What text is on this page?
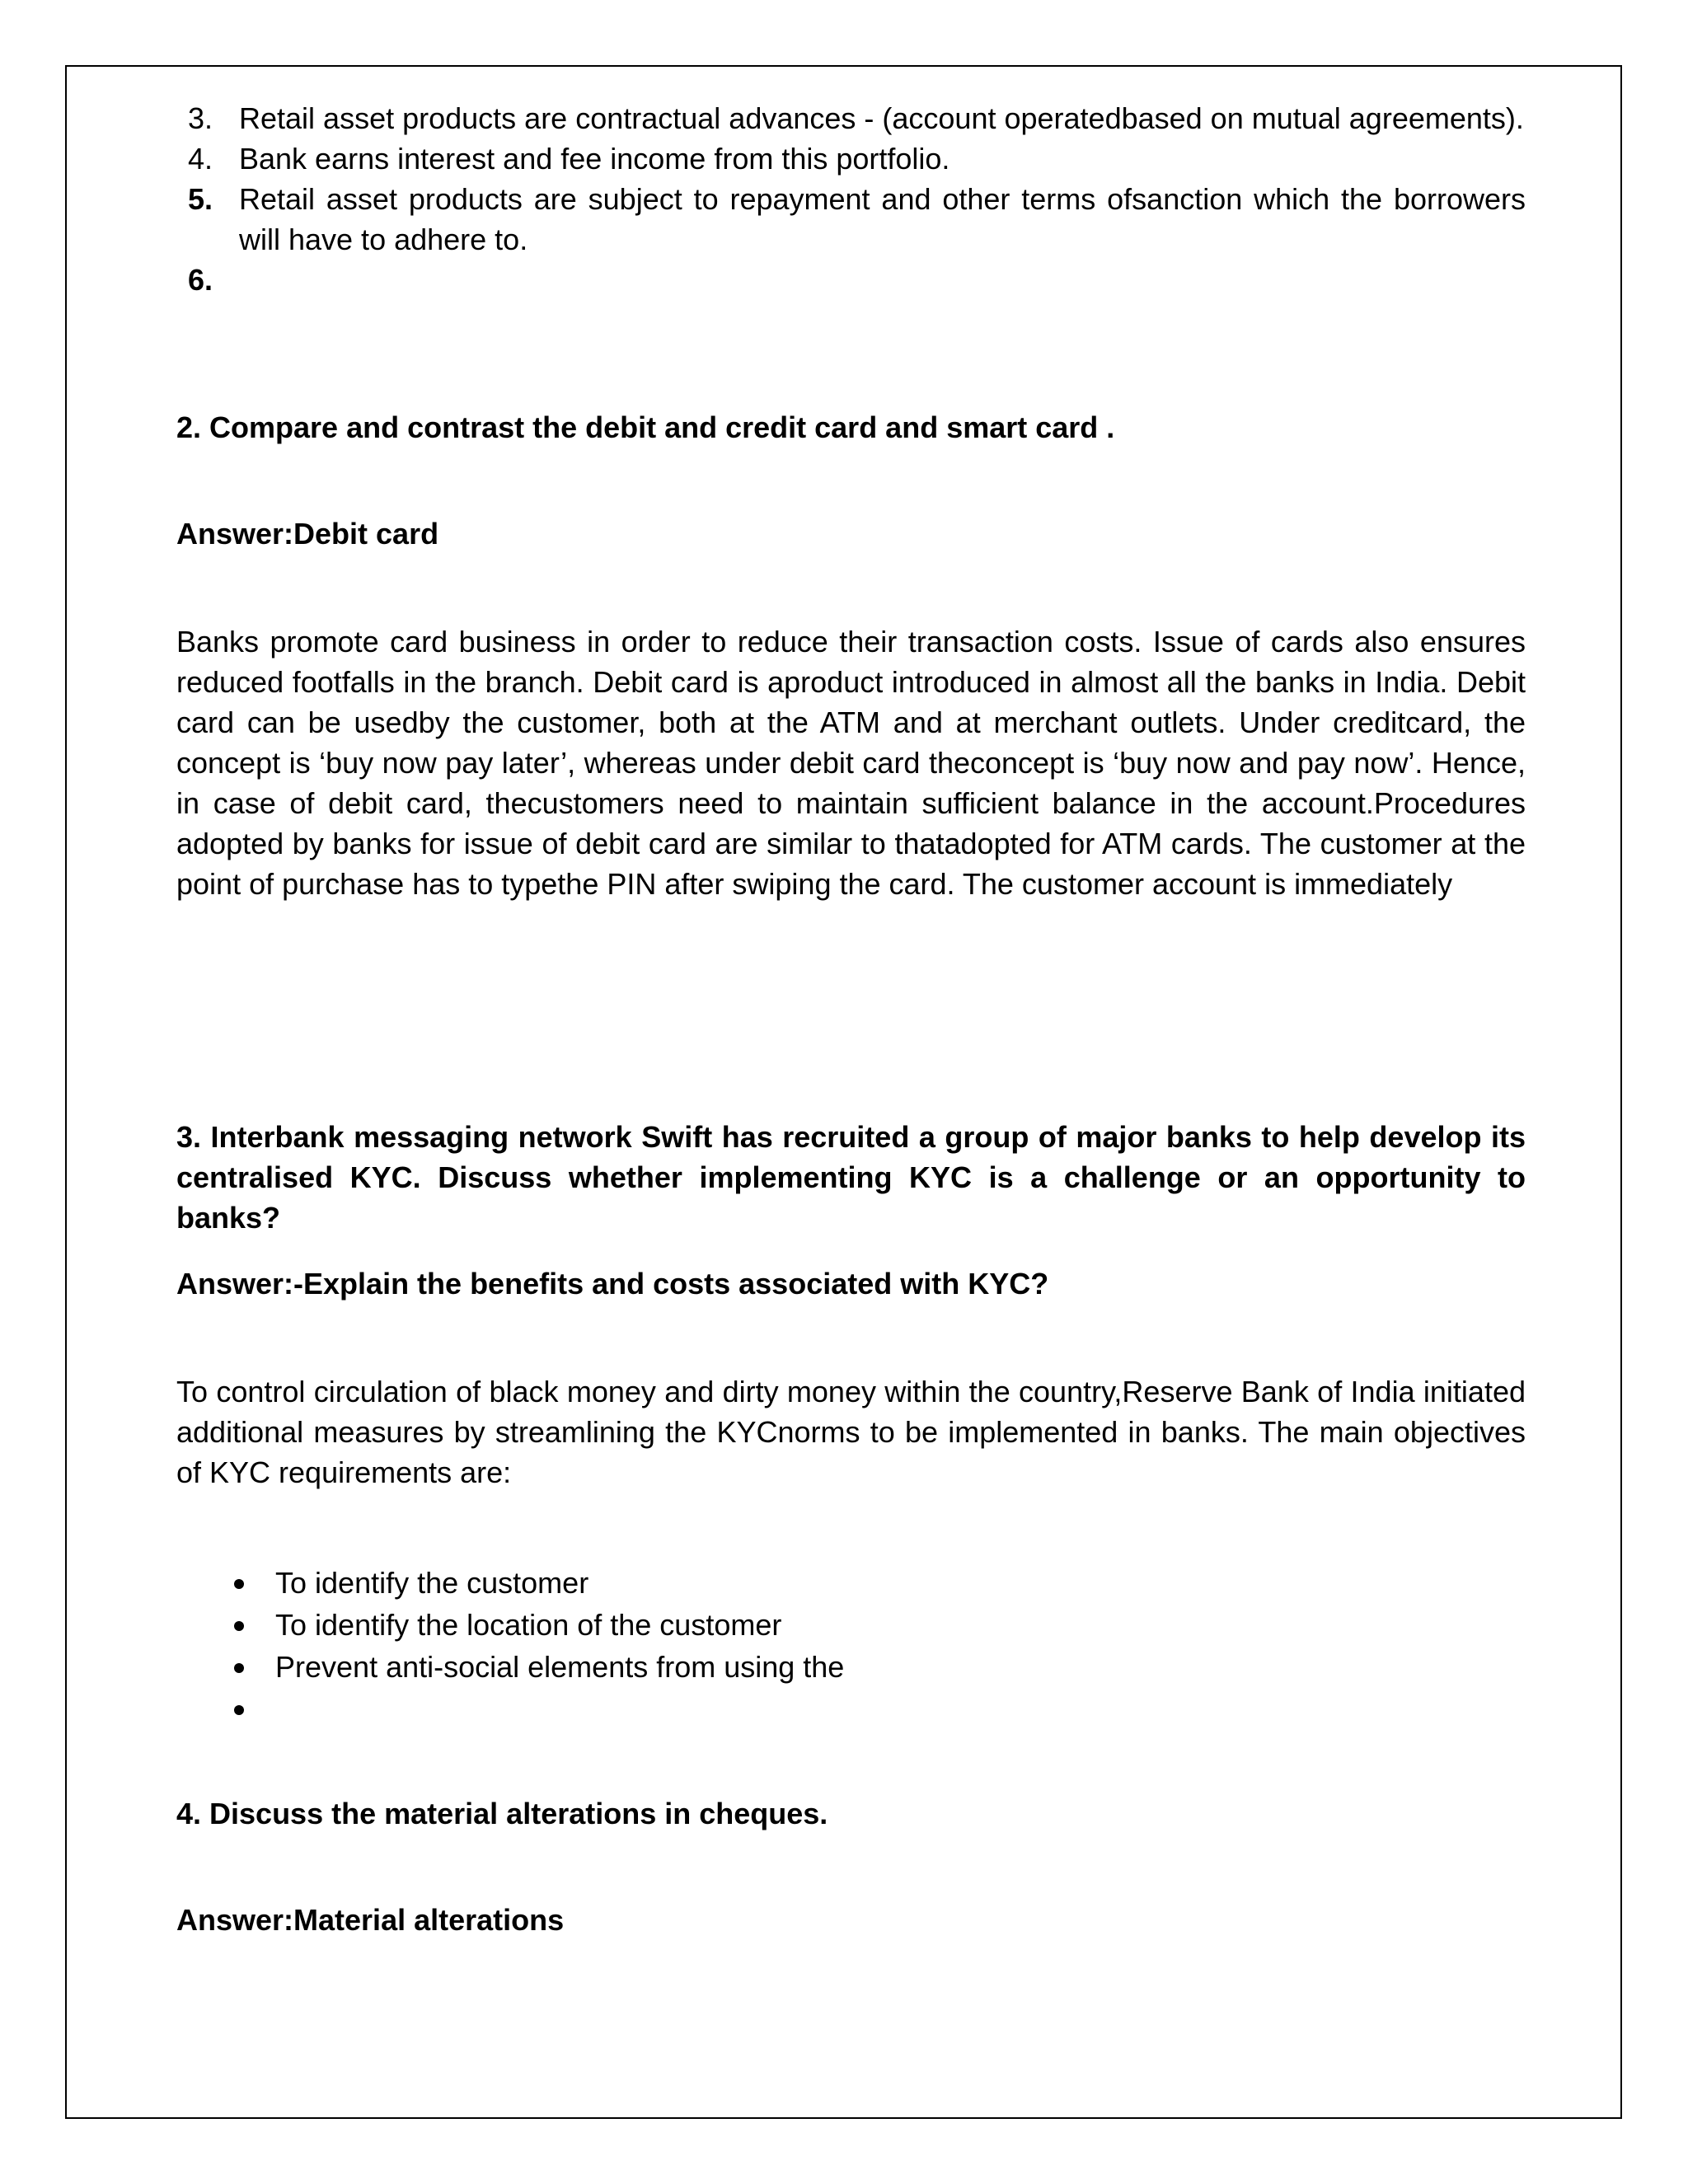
3. Retail asset products are contractual advances - (account operatedbased on mutual agreements).
4. Bank earns interest and fee income from this portfolio.
5. Retail asset products are subject to repayment and other terms ofsanction which the borrowers will have to adhere to.
6.
2. Compare and contrast the debit and credit card and smart card .
Answer:Debit card
Banks promote card business in order to reduce their transaction costs. Issue of cards also ensures reduced footfalls in the branch. Debit card is aproduct introduced in almost all the banks in India. Debit card can be usedby the customer, both at the ATM and at merchant outlets. Under creditcard, the concept is ‘buy now pay later’, whereas under debit card theconcept is ‘buy now and pay now’. Hence, in case of debit card, thecustomers need to maintain sufficient balance in the account.Procedures adopted by banks for issue of debit card are similar to thatadopted for ATM cards. The customer at the point of purchase has to typethe PIN after swiping the card. The customer account is immediately
3. Interbank messaging network Swift has recruited a group of major banks to help develop its centralised KYC. Discuss whether implementing KYC is a challenge or an opportunity to banks?
Answer:-Explain the benefits and costs associated with KYC?
To control circulation of black money and dirty money within the country,Reserve Bank of India initiated additional measures by streamlining the KYCnorms to be implemented in banks. The main objectives of KYC requirements are:
To identify the customer
To identify the location of the customer
Prevent anti-social elements from using the
4. Discuss the material alterations in cheques.
Answer:Material alterations
